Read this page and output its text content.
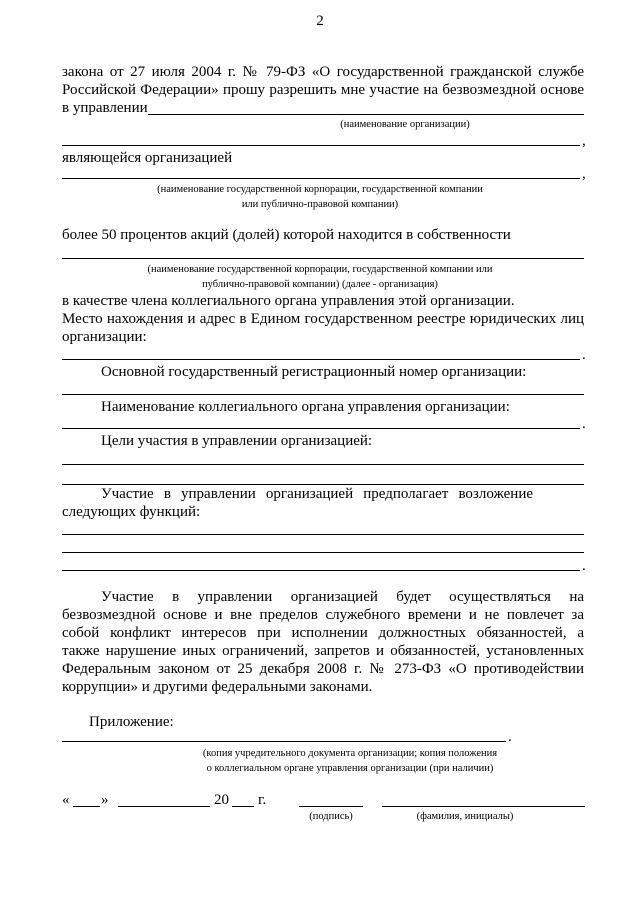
2
закона от 27 июля 2004 г. № 79-ФЗ «О государственной гражданской службе
Российской Федерации» прошу разрешить мне участие на безвозмездной основе
в управлении
(наименование организации)
,
являющейся организацией
,
(наименование государственной корпорации, государственной компании
или публично-правовой компании)
более 50 процентов акций (долей) которой находится в собственности
(наименование государственной корпорации, государственной компании или
публично-правовой компании) (далее - организация)
в качестве члена коллегиального органа управления этой организации.
Место нахождения и адрес в Едином государственном реестре юридических лиц
организации:
.
Основной государственный регистрационный номер организации:
Наименование коллегиального органа управления организации:
.
Цели участия в управлении организацией:
Участие в управлении организацией предполагает возложение
следующих функций:
.
Участие в управлении организацией будет осуществляться на
безвозмездной основе и вне пределов служебного времени и не повлечет за
собой конфликт интересов при исполнении должностных обязанностей, а
также нарушение иных ограничений, запретов и обязанностей, установленных
Федеральным законом от 25 декабря 2008 г. № 273-ФЗ «О противодействии
коррупции» и другими федеральными законами.
Приложение:
.
(копия учредительного документа организации; копия положения
о коллегиальном органе управления организации (при наличии)
« »	20 г.
(подпись)	(фамилия, инициалы)
